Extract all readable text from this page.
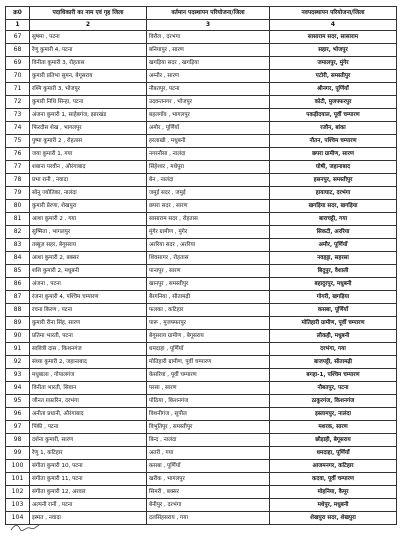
क्र0	पदाधिकारी का नाम एवं गृह जिला	वर्तमान पदस्थापन परियोजना/जिला	नवपदस्थापन परियोजना/जिला
1	2	3	4
67	सुषमा , पटना	विरौल , दरभंगा	सासाराम सदर, सासाराम
68	रेणु कुमारी 4, पटना	बनियापुर , सारण	सहार, भोजपुर
69	विनीता कुमारी 3, रोहतास	खगड़िया सदर , खगड़िया	जमालपुर, मुंगेर
70	कुमारी प्रतिभा सुमन, बेगूसराय	अम्नौर , सारण	पटोरी, समस्तीपुर
71	रश्मि कुमारी 3, भोजपुर	नौबतपुर, पटना	श्रीनगर, पूर्णियाँ
72	कुमारी निधि सिन्हा, पटना	उदवन्तनगर , भोजपुर	कोटी, मुजफ्फरपुर
73	अंजना कुमारी 1, साहेबगंज, झारखंड	बहलगाँव , भागलपुर	पकड़ीदयाल, पूर्वी चम्पारण
74	फिरदौस शेख , भागलपुर	अमौर , पूर्णियाँ	रजौन, बांका
75	पुष्पा कुमारी 2 , रोहतास	हरलाखी , मधुबनी	नौतन, पश्चिम चम्पारण
76	जया कुमारी 1, गया	नगरनौसा , नालंदा	छपरा ग्रामीण, सारण
77	शबाना परवीन , औरंगाबाद	सिंहेश्वर , मधेपुरा	घोषी, जहानाबाद
78	प्रभा रानी , नवादा	बेन , नालंदा	हसनपुर, समस्तीपुर
79	सोनू ज्योतिका, नालंदा	जमुई सदर , जमुई	हायाघाट, दरभंगा
80	कुमारी प्रेरणा, शेखपुरा	छपरा सदर , सारण	खगड़िया सदर, खगड़िया
81	आशा कुमारी 2 , गया	सासाराम सदर , रोहतास	बाराचट्टी, गया
82	सुष्मिता , भागलपुर	मुंगेर ग्रामीण , मुंगेर	सिकटी, अररिया
83	तब्बुज़ सहर, बेगूसराय	अररिया सदर , अररिया	अमौर, पूर्णियाँ
84	आशा कुमारी 2, बक्सर	शिवसागर , रोहतास	नवहट्टा, सहरसा
85	शशि कुमारी 2, मधुबनी	पानापुर , सारण	बिदुपुर, वैशाली
86	अंजना , पटना	खानपुर , समस्तीपुर	बहादुरपुर, मधुबनी
87	रंजना कुमारी 4, पश्चिम चम्पारण	बैरगनिया , सीतामढ़ी	गोगरी, खगड़िया
88	रचना किरण , पटना	फलका , कटिहार	कसबा, पूर्णियाँ
89	कुमारी रीना सिंह, सारण	पारू , मुजफ्फरपुर	मोतिहारी ग्रामीण, पूर्वी चम्पारण
90	प्रतिमा भारती, पटना	बेगूसराय ग्रामीण , बेगूसराय	लौकही, मधुबनी
91	सावित्री दास , किशनगंज	धमदाहा , पूर्णियाँ	दरभंगा, गया
92	संध्या कुमारी 2, जहानाबाद	मोतिहारी ग्रामीण, पूर्वी चम्पारण	बाजपट्टी, सीतामढ़ी
93	मधुबाला , गोपालगंज	केसरिया , पूर्वी चम्पारण	बगहा-1, पश्चिम चम्पारण
94	विनीता भारती, सिवान	परसा , सारण	नौबतपुर, पटना
95	जीनत ग़फ़ारिन, दरभंगा	पोठिया , किशनगंज	ठाकुरगंज, किशनगंज
96	अनीता प्रधानी, औरंगाबाद	विशनीगंज , सुपौल	इस्लामपुर, नालंदा
97	पिंकी , पटना	विभूतिपुर , समस्तीपुर	मशरक, सारण
98	दर्शना कुमारी, सारण	बिन्द , नालंदा	छौड़ाही, बेगूसराय
99	रेणु 1, कटिहार	अतरी , गया	धमदाहा, पूर्णियाँ
100	संगीता कुमारी 10, पटना	कसबा , पूर्णियाँ	आजमनगर, कटिहार
101	संगीता कुमारी 11, पटना	खरीक , भागलपुर	कदवा, पूर्वी चम्पारण
102	संगीता कुमारी 12, अरवल	सिमरी , बक्सर	मोहनिया, कैमूर
103	अल्पनी रानी , पटना	बेनीपुर , दरभंगा	मधेपुर, मधुबनी
104	इस्मत , नवादा	दलसिंहसराय , गया	शेखपुरा सदर, शेखपुरा
